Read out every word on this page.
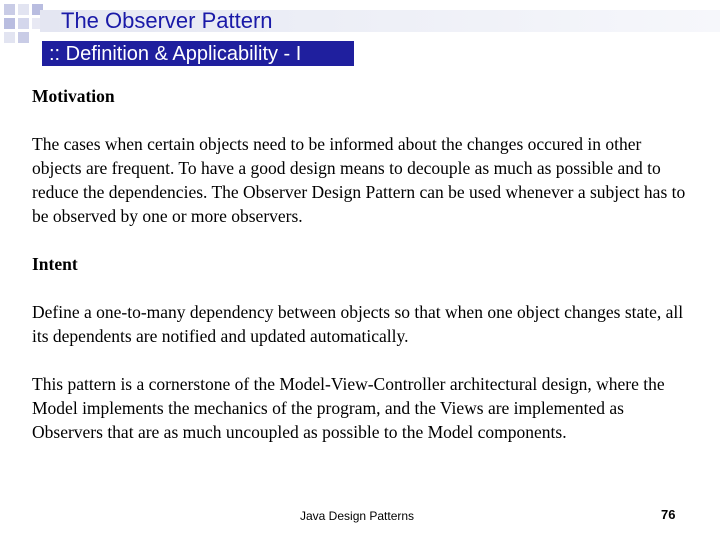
The Observer Pattern
:: Definition & Applicability - I

Motivation

The cases when certain objects need to be informed about the changes occured in other objects are frequent. To have a good design means to decouple as much as possible and to reduce the dependencies. The Observer Design Pattern can be used whenever a subject has to be observed by one or more observers.

Intent

Define a one-to-many dependency between objects so that when one object changes state, all its dependents are notified and updated automatically.

This pattern is a cornerstone of the Model-View-Controller architectural design, where the Model implements the mechanics of the program, and the Views are implemented as Observers that are as much uncoupled as possible to the Model components.

Java Design Patterns	76
